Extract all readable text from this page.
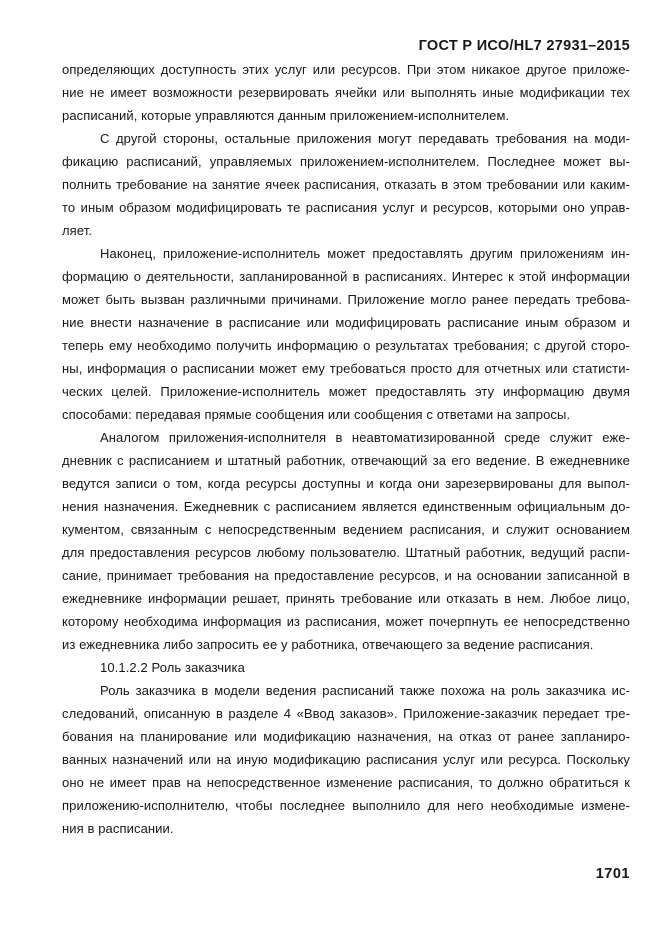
ГОСТ Р ИСО/HL7 27931–2015
определяющих доступность этих услуг или ресурсов. При этом никакое другое приложе-
ние не имеет возможности резервировать ячейки или выполнять иные модификации тех
расписаний, которые управляются данным приложением-исполнителем.
С другой стороны, остальные приложения могут передавать требования на моди-
фикацию расписаний, управляемых приложением-исполнителем. Последнее может вы-
полнить требование на занятие ячеек расписания, отказать в этом требовании или каким-
то иным образом модифицировать те расписания услуг и ресурсов, которыми оно управ-
ляет.
Наконец, приложение-исполнитель может предоставлять другим приложениям ин-
формацию о деятельности, запланированной в расписаниях. Интерес к этой информации
может быть вызван различными причинами. Приложение могло ранее передать требова-
ние внести назначение в расписание или модифицировать расписание иным образом и
теперь ему необходимо получить информацию о результатах требования; с другой сторо-
ны, информация о расписании может ему требоваться просто для отчетных или статисти-
ческих целей. Приложение-исполнитель может предоставлять эту информацию двумя
способами: передавая прямые сообщения или сообщения с ответами на запросы.
Аналогом приложения-исполнителя в неавтоматизированной среде служит еже-
дневник с расписанием и штатный работник, отвечающий за его ведение. В ежедневнике
ведутся записи о том, когда ресурсы доступны и когда они зарезервированы для выпол-
нения назначения. Ежедневник с расписанием является единственным официальным до-
кументом, связанным с непосредственным ведением расписания, и служит основанием
для предоставления ресурсов любому пользователю. Штатный работник, ведущий распи-
сание, принимает требования на предоставление ресурсов, и на основании записанной в
ежедневнике информации решает, принять требование или отказать в нем. Любое лицо,
которому необходима информация из расписания, может почерпнуть ее непосредственно
из ежедневника либо запросить ее у работника, отвечающего за ведение расписания.
10.1.2.2 Роль заказчика
Роль заказчика в модели ведения расписаний также похожа на роль заказчика ис-
следований, описанную в разделе 4 «Ввод заказов». Приложение-заказчик передает тре-
бования на планирование или модификацию назначения, на отказ от ранее запланиро-
ванных назначений или на иную модификацию расписания услуг или ресурса. Поскольку
оно не имеет прав на непосредственное изменение расписания, то должно обратиться к
приложению-исполнителю, чтобы последнее выполнило для него необходимые измене-
ния в расписании.
1701
